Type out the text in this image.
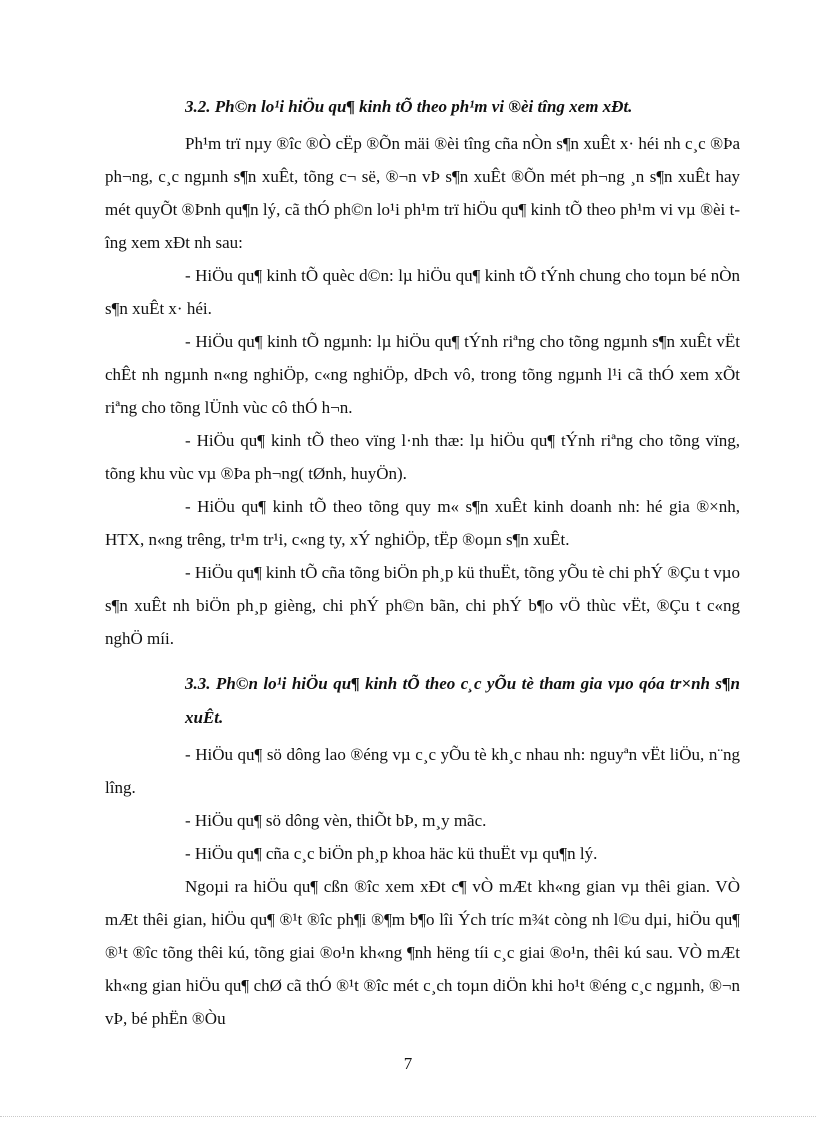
3.2. Ph©n lo¹i hiÖu qu¶ kinh tÕ theo ph¹m vi ®èi tîng xem xÐt.

Ph¹m trï nµy ®îc ®Ò cËp ®Õn mäi ®èi tîng cña nÒn s¶n xuÊt x· héi nh c¸c ®Þa ph¬ng, c¸c ngµnh s¶n xuÊt, tõng c¬ së, ®¬n vÞ s¶n xuÊt ®Õn mét ph¬ng ¸n s¶n xuÊt hay mét quyÕt ®Þnh qu¶n lý, cã thÓ ph©n lo¹i ph¹m trï hiÖu qu¶ kinh tÕ theo ph¹m vi vµ ®èi tîng xem xÐt nh sau:

- HiÖu qu¶ kinh tÕ quèc d©n: lµ hiÖu qu¶ kinh tÕ tÝnh chung cho toµn bé nÒn s¶n xuÊt x· héi.

- HiÖu qu¶ kinh tÕ ngµnh: lµ hiÖu qu¶ tÝnh riªng cho tõng ngµnh s¶n xuÊt vËt chÊt nh ngµnh n«ng nghiÖp, c«ng nghiÖp, dÞch vô, trong tõng ngµnh l¹i cã thÓ xem xÕt riªng cho tõng lÜnh vùc cô thÓ h¬n.

- HiÖu qu¶ kinh tÕ theo vïng l·nh thæ: lµ hiÖu qu¶ tÝnh riªng cho tõng vïng, tõng khu vùc vµ ®Þa ph¬ng( tØnh, huyÖn).

- HiÖu qu¶ kinh tÕ theo tõng quy m« s¶n xuÊt kinh doanh nh: hé gia ®×nh, HTX, n«ng trêng, tr¹m tr¹i, c«ng ty, xÝ nghiÖp, tËp ®oµn s¶n xuÊt.

- HiÖu qu¶ kinh tÕ cña tõng biÖn ph¸p kü thuËt, tõng yÕu tè chi phÝ ®Çu t vµo s¶n xuÊt nh biÖn ph¸p gièng, chi phÝ ph©n bãn, chi phÝ b¶o vÖ thùc vËt, ®Çu t c«ng nghÖ míi.

3.3. Ph©n lo¹i hiÖu qu¶ kinh tÕ theo c¸c yÕu tè tham gia vµo qóa tr×nh s¶n xuÊt.

- HiÖu qu¶ sö dông lao ®éng vµ c¸c yÕu tè kh¸c nhau nh: nguyªn vËt liÖu, n¨ng lîng.

- HiÖu qu¶ sö dông vèn, thiÕt bÞ, m¸y mãc.

- HiÖu qu¶ cña c¸c biÖn ph¸p khoa häc kü thuËt vµ qu¶n lý.

Ngoµi ra hiÖu qu¶ cßn ®îc xem xÐt c¶ vÒ mÆt kh«ng gian vµ thêi gian. VÒ mÆt thêi gian, hiÖu qu¶ ®¹t ®îc ph¶i ®¶m b¶o lîi Ých tríc m¾t còng nh l©u dµi, hiÖu qu¶ ®¹t ®îc tõng thêi kú, tõng giai ®o¹n kh«ng ¶nh hëng tíi c¸c giai ®o¹n, thêi kú sau. VÒ mÆt kh«ng gian hiÖu qu¶ chØ cã thÓ ®¹t ®îc mét c¸ch toµn diÖn khi ho¹t ®éng c¸c ngµnh, ®¬n vÞ, bé phËn ®Òu

7
